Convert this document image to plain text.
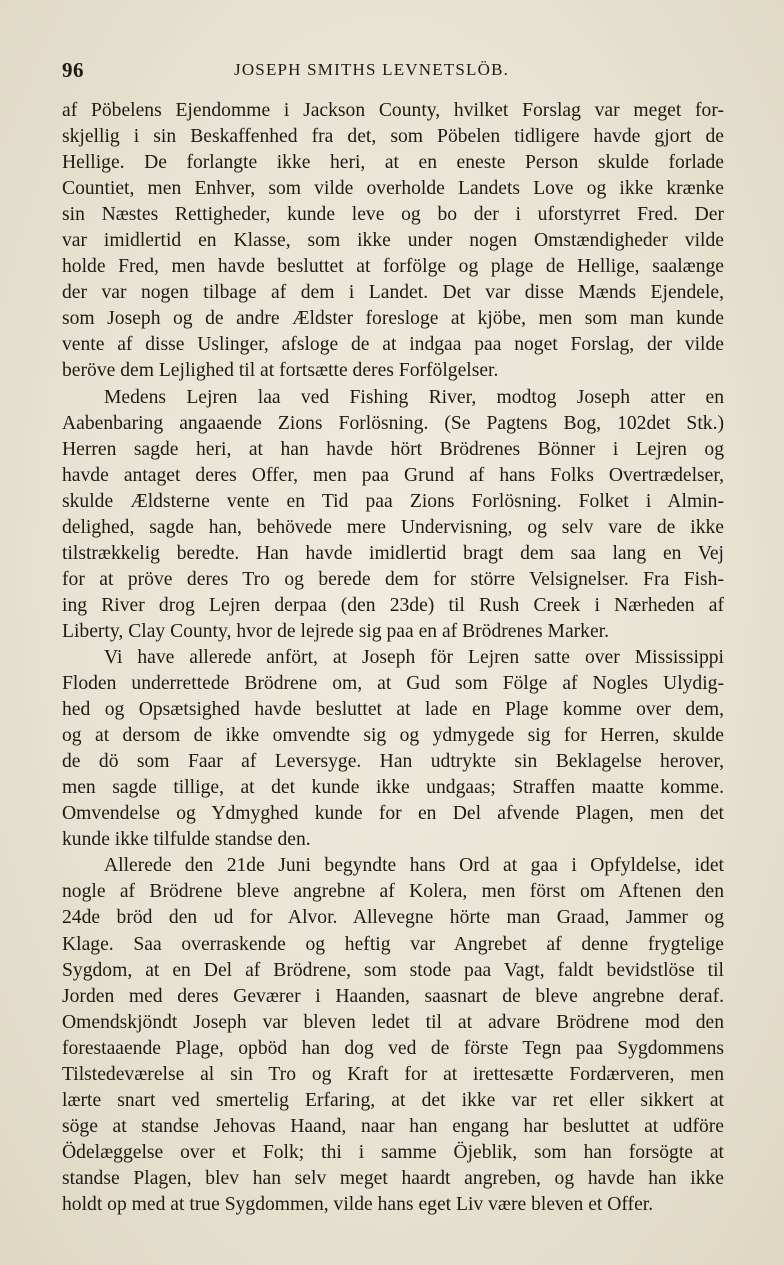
96	JOSEPH SMITHS LEVNETSLÖB.
af Pöbelens Ejendomme i Jackson County, hvilket Forslag var meget for-
skjellig i sin Beskaffenhed fra det, som Pöbelen tidligere havde gjort de
Hellige. De forlangte ikke heri, at en eneste Person skulde forlade
Countiet, men Enhver, som vilde overholde Landets Love og ikke krænke
sin Næstes Rettigheder, kunde leve og bo der i uforstyrret Fred. Der
var imidlertid en Klasse, som ikke under nogen Omstændigheder vilde
holde Fred, men havde besluttet at forfölge og plage de Hellige, saalænge
der var nogen tilbage af dem i Landet. Det var disse Mænds Ejendele,
som Joseph og de andre Ældster foresloge at kjöbe, men som man kunde
vente af disse Uslinger, afsloge de at indgaa paa noget Forslag, der vilde
beröve dem Lejlighed til at fortsætte deres Forfölgelser.
Medens Lejren laa ved Fishing River, modtog Joseph atter en
Aabenbaring angaaende Zions Forlösning. (Se Pagtens Bog, 102det Stk.)
Herren sagde heri, at han havde hört Brödrenes Bönner i Lejren og
havde antaget deres Offer, men paa Grund af hans Folks Overtrædelser,
skulde Ældsterne vente en Tid paa Zions Forlösning. Folket i Almin-
delighed, sagde han, behövede mere Undervisning, og selv vare de ikke
tilstrækkelig beredte. Han havde imidlertid bragt dem saa lang en Vej
for at pröve deres Tro og berede dem for större Velsignelser. Fra Fish-
ing River drog Lejren derpaa (den 23de) til Rush Creek i Nærheden af
Liberty, Clay County, hvor de lejrede sig paa en af Brödrenes Marker.
Vi have allerede anfört, at Joseph för Lejren satte over Mississippi
Floden underrettede Brödrene om, at Gud som Fölge af Nogles Ulydig-
hed og Opsætsighed havde besluttet at lade en Plage komme over dem,
og at dersom de ikke omvendte sig og ydmygede sig for Herren, skulde
de dö som Faar af Leversyge. Han udtrykte sin Beklagelse herover,
men sagde tillige, at det kunde ikke undgaas; Straffen maatte komme.
Omvendelse og Ydmyghed kunde for en Del afvende Plagen, men det
kunde ikke tilfulde standse den.
Allerede den 21de Juni begyndte hans Ord at gaa i Opfyldelse, idet
nogle af Brödrene bleve angrebne af Kolera, men först om Aftenen den
24de bröd den ud for Alvor. Allevegne hörte man Graad, Jammer og
Klage. Saa overraskende og heftig var Angrebet af denne frygtelige
Sygdom, at en Del af Brödrene, som stode paa Vagt, faldt bevidstlöse til
Jorden med deres Geværer i Haanden, saasnart de bleve angrebne deraf.
Omendskjöndt Joseph var bleven ledet til at advare Brödrene mod den
forestaaende Plage, opböd han dog ved de förste Tegn paa Sygdommens
Tilstedeværelse al sin Tro og Kraft for at irettesætte Fordærveren, men
lærte snart ved smertelig Erfaring, at det ikke var ret eller sikkert at
söge at standse Jehovas Haand, naar han engang har besluttet at udföre
Ödelæggelse over et Folk; thi i samme Öjeblik, som han forsögte at
standse Plagen, blev han selv meget haardt angreben, og havde han ikke
holdt op med at true Sygdommen, vilde hans eget Liv være bleven et Offer.
